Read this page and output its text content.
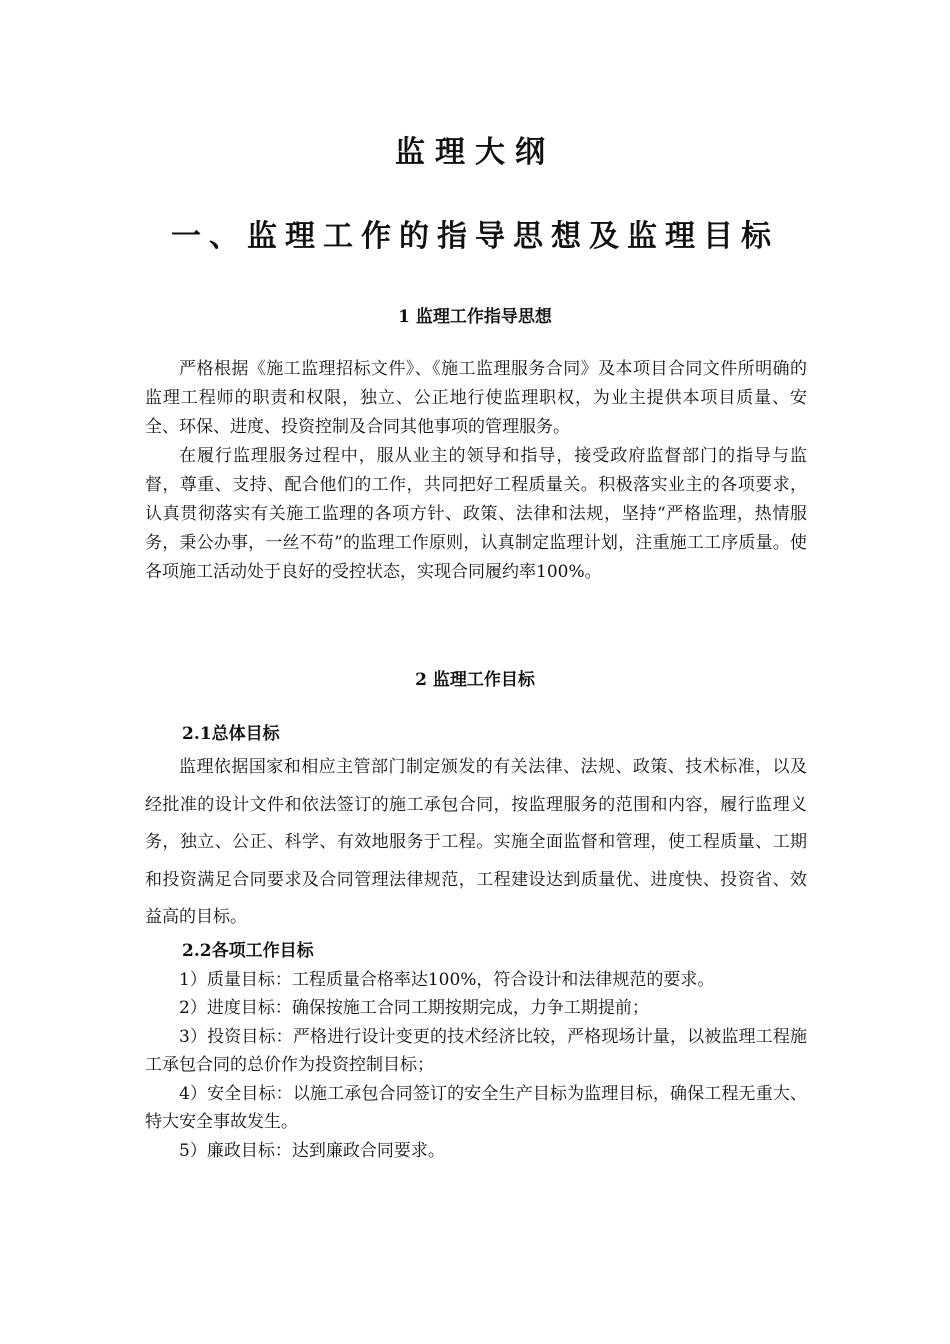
监理大纲
一、监理工作的指导思想及监理目标
1 监理工作指导思想

严格根据《施工监理招标文件》、《施工监理服务合同》及本项目合同文件所明确的监理工程师的职责和权限，独立、公正地行使监理职权，为业主提供本项目质量、安全、环保、进度、投资控制及合同其他事项的管理服务。

在履行监理服务过程中，服从业主的领导和指导，接受政府监督部门的指导与监督，尊重、支持、配合他们的工作，共同把好工程质量关。积极落实业主的各项要求，认真贯彻落实有关施工监理的各项方针、政策、法律和法规，坚持“严格监理，热情服务，秉公办事，一丝不苟”的监理工作原则，认真制定监理计划，注重施工工序质量。使各项施工活动处于良好的受控状态，实现合同履约率100%。

2 监理工作目标

2.1总体目标

监理依据国家和相应主管部门制定颁发的有关法律、法规、政策、技术标准，以及经批准的设计文件和依法签订的施工承包合同，按监理服务的范围和内容，履行监理义务，独立、公正、科学、有效地服务于工程。实施全面监督和管理，使工程质量、工期和投资满足合同要求及合同管理法律规范，工程建设达到质量优、进度快、投资省、效益高的目标。

2.2各项工作目标

1）质量目标：工程质量合格率达100%，符合设计和法律规范的要求。

2）进度目标：确保按施工合同工期按期完成，力争工期提前；

3）投资目标：严格进行设计变更的技术经济比较，严格现场计量，以被监理工程施工承包合同的总价作为投资控制目标；

4）安全目标：以施工承包合同签订的安全生产目标为监理目标，确保工程无重大、特大安全事故发生。

5）廉政目标：达到廉政合同要求。
